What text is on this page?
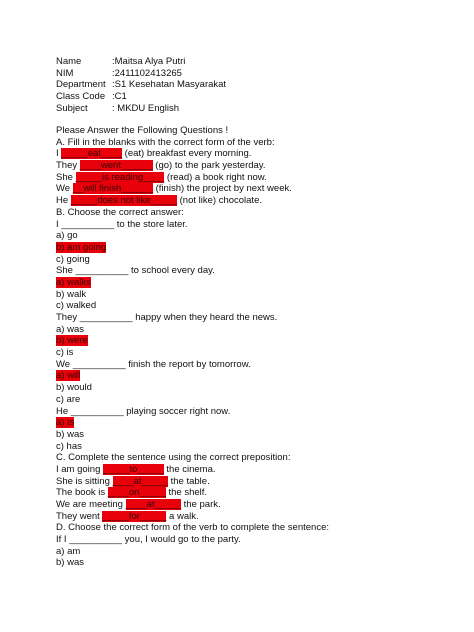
Name	:Maitsa Alya Putri
NIM	:2411102413265
Department :S1 Kesehatan Masyarakat
Class Code :C1
Subject	: MKDU English
Please Answer the Following Questions !
A. Fill in the blanks with the correct form of the verb:
I _____eat____ (eat) breakfast every morning.
They ____went______ (go) to the park yesterday.
She _____is reading____ (read) a book right now.
We __will finish______ (finish) the project by next week.
He _____does not like_____ (not like) chocolate.
B. Choose the correct answer:
I __________ to the store later.
a) go
b) am going
c) going
She __________ to school every day.
a) walks
b) walk
c) walked
They __________ happy when they heard the news.
a) was
b) were
c) is
We __________ finish the report by tomorrow.
a) will
b) would
c) are
He __________ playing soccer right now.
a) is
b) was
c) has
C. Complete the sentence using the correct preposition:
I am going _____to_____ the cinema.
She is sitting ____at_____ the table.
The book is ____on_____ the shelf.
We are meeting ____at_____ the park.
They went _____for_____ a walk.
D. Choose the correct form of the verb to complete the sentence:
If I __________ you, I would go to the party.
a) am
b) was
